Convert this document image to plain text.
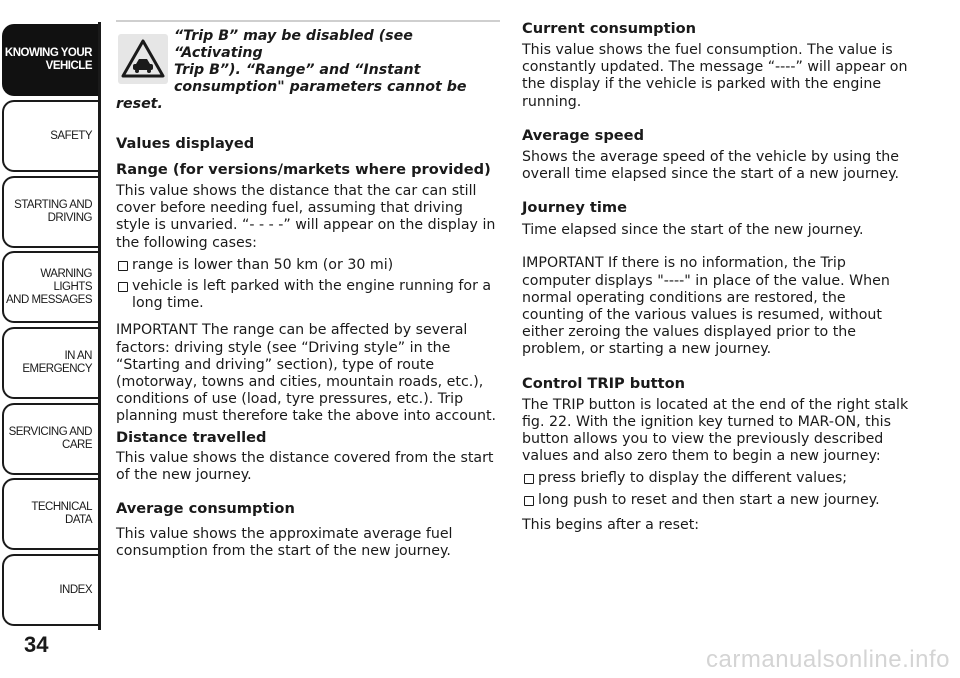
KNOWING YOUR
VEHICLE
SAFETY
STARTING AND
DRIVING
WARNING LIGHTS
AND MESSAGES
IN AN EMERGENCY
SERVICING AND
CARE
TECHNICAL DATA
INDEX
34
“Trip B” may be disabled (see “Activating
Trip B”). “Range” and “Instant
consumption" parameters cannot be
reset.
Values displayed
Range (for versions/markets where provided)

This value shows the distance that the car can still cover before needing fuel, assuming that driving style is unvaried. “- - - -” will appear on the display in the following cases:

range is lower than 50 km (or 30 mi)
vehicle is left parked with the engine running for a long time.

IMPORTANT The range can be affected by several factors: driving style (see “Driving style” in the “Starting and driving” section), type of route (motorway, towns and cities, mountain roads, etc.), conditions of use (load, tyre pressures, etc.). Trip planning must therefore take the above into account.

Distance travelled

This value shows the distance covered from the start of the new journey.

Average consumption

This value shows the approximate average fuel consumption from the start of the new journey.

Current consumption

This value shows the fuel consumption. The value is constantly updated. The message “----” will appear on the display if the vehicle is parked with the engine running.

Average speed

Shows the average speed of the vehicle by using the overall time elapsed since the start of a new journey.

Journey time

Time elapsed since the start of the new journey.

IMPORTANT If there is no information, the Trip computer displays "----" in place of the value. When normal operating conditions are restored, the counting of the various values is resumed, without either zeroing the values displayed prior to the problem, or starting a new journey.

Control TRIP button

The TRIP button is located at the end of the right stalk fig. 22. With the ignition key turned to MAR-ON, this button allows you to view the previously described values and also zero them to begin a new journey:

press briefly to display the different values;
long push to reset and then start a new journey.

This begins after a reset:

carmanualsonline.info
